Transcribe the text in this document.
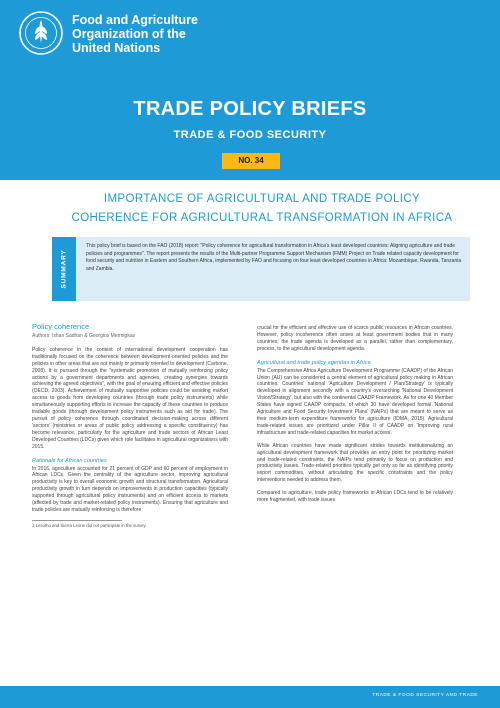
Food and Agriculture
Organization of the
United Nations
TRADE POLICY BRIEFS
TRADE & FOOD SECURITY
NO. 34
IMPORTANCE OF AGRICULTURAL AND TRADE POLICY
COHERENCE FOR AGRICULTURAL TRANSFORMATION IN AFRICA
SUMMARY
This policy brief is based on the FAO (2018) report: "Policy coherence for agricultural transformation in Africa's least developed countries: Aligning agriculture and trade policies and programmes". The report presents the results of the Multi-partner Programme Support Mechanism (FMM) Project on Trade related capacity development for food security and nutrition in Eastern and Southern Africa, implemented by FAO and focusing on four least developed countries in Africa: Mozambique, Rwanda, Tanzania and Zambia.
Policy coherence
Authors: Ishan Sadhan & Georgios Mermigkas

Policy coherence in the context of international development cooperation has traditionally focused on the coherence between development-oriented policies and the policies in other areas that are not mainly or primarily oriented to development (Carbone, 2008). It is pursued through the "systematic promotion of mutually reinforcing policy actions by a government departments and agencies, creating synergies towards achieving the agreed objectives", with the goal of ensuring efficient and effective policies (OECD, 2003). Achievement of mutually supportive policies could be avoiding market access to goods from developing countries (through trade policy instruments) while simultaneously supporting efforts to increase the capacity of these countries to produce tradable goods (through development policy instruments such as aid for trade). The pursuit of policy coherence through coordinated decision-making across different 'sectors' (ministries or areas of public policy addressing a specific constituency) has become relevance, particularly for the agriculture and trade sectors of African Least Developed Countries (LDCs) given which role facilitates in agricultural organizations with 2015.

Rationale for African countries

In 2016, agriculture accounted for 21 percent of GDP and 60 percent of employment in African LDCs. Given the centrality of the agriculture sector, improving agricultural productivity is key to overall economic growth and structural transformation. Agricultural productivity growth in turn depends on improvements in production capacities (typically supported through agricultural policy instruments) and on efficient access to markets (affected by trade and market-related policy instruments). Ensuring that agriculture and trade policies are mutually reinforcing is therefore

1 Lesotho and Sierra Leone did not participate in the survey.

crucial for the efficient and effective use of scarce public resources in African countries. However, policy incoherence often arises at least government bodies that in many countries, the trade agenda is developed as a parallel, rather than complementary, process, to the agricultural development agenda.

Agricultural and trade policy agendas in Africa

The Comprehensive Africa Agriculture Development Programme (CAADP) of the African Union (AU) can be considered a central element of agricultural policy making in African countries. Countries' national 'Agriculture Development / Plan/Strategy' is typically developed in alignment secondly with a country's overarching 'National Development Vision/Strategy', but also with the continental CAADP Framework. As for one 40 Member States have signed CAADP compacts, of which 30 have developed formal 'National Agriculture and Food Security Investment Plans' (NAIPs) that are meant to serve as their medium-term expenditure frameworks for agriculture (IDMA, 2015). Agricultural trade-related issues are prioritized under Pillar II of CAADP on 'Improving rural infrastructure and trade-related capacities for market access'.

While African countries have made significant strides towards institutionalizing an agricultural development framework that provides an entry point for prioritizing market and trade-related constraints, the NAIPs tend primarily to focus on production and productivity issues. Trade-related priorities typically get only so far as identifying priority export commodities, without articulating the specific constraints and the policy interventions needed to address them.

Compared to agriculture, trade policy frameworks in African LDCs tend to be relatively more fragmented, with trade issues

TRADE & FOOD SECURITY AND TRADE
